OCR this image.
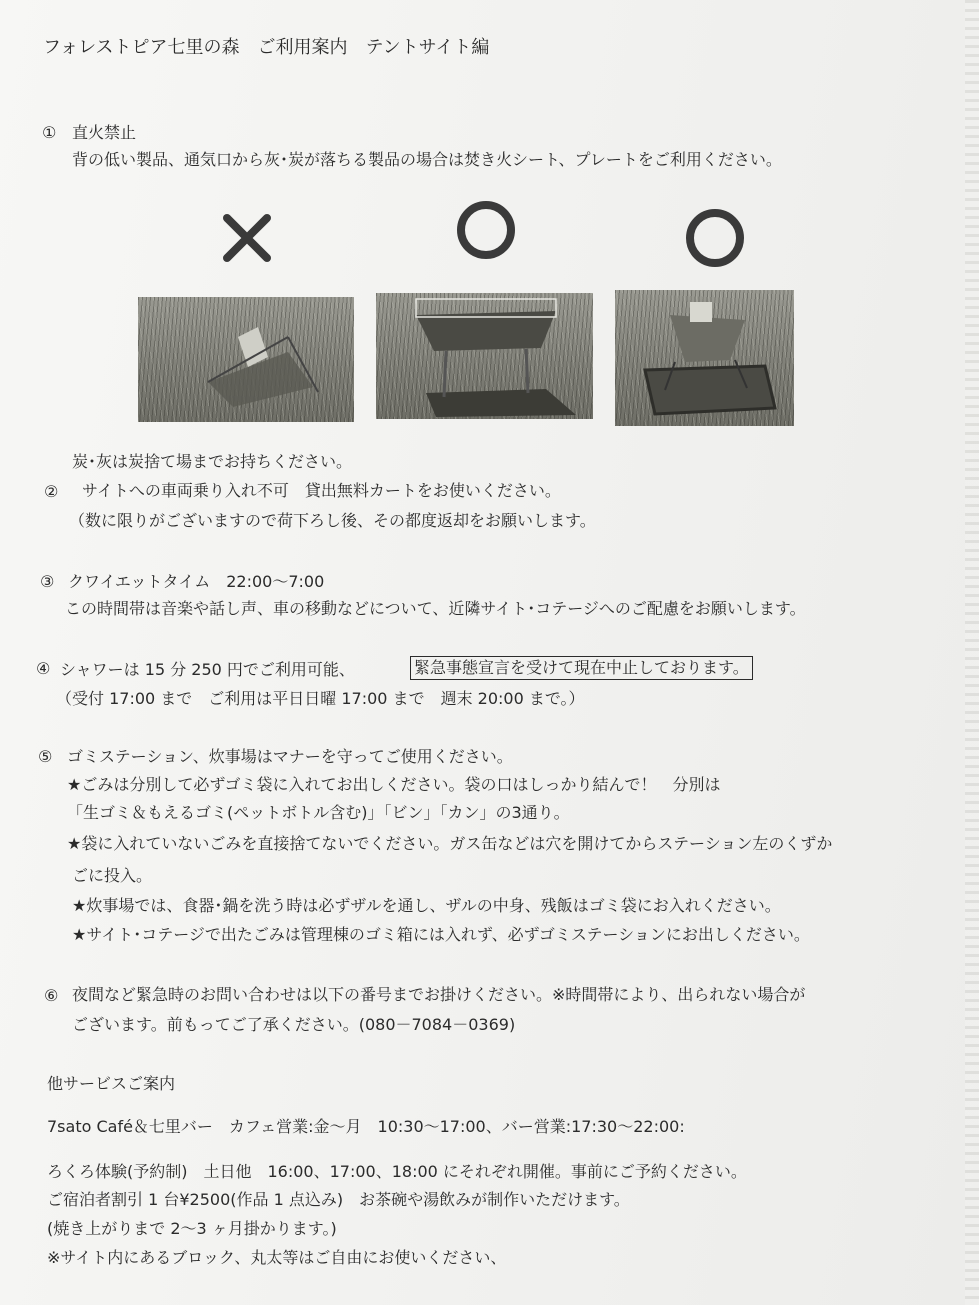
フォレストピア七里の森　ご利用案内　テントサイト編
① 直火禁止
背の低い製品、通気口から灰･炭が落ちる製品の場合は焚き火シート、プレートをご利用ください。
炭･灰は炭捨て場までお持ちください。
② サイトへの車両乗り入れ不可　貸出無料カートをお使いください。
（数に限りがございますので荷下ろし後、その都度返却をお願いします。
③ クワイエットタイム　22:00～7:00
この時間帯は音楽や話し声、車の移動などについて、近隣サイト･コテージへのご配慮をお願いします。
④ シャワーは 15 分 250 円でご利用可能、	緊急事態宣言を受けて現在中止しております。
（受付 17:00 まで　ご利用は平日日曜 17:00 まで　週末 20:00 まで。）
⑤ ゴミステーション、炊事場はマナーを守ってご使用ください。
★ごみは分別して必ずゴミ袋に入れてお出しください。袋の口はしっかり結んで！　分別は
「生ゴミ＆もえるゴミ(ペットボトル含む)」「ビン」「カン」の3通り。
★袋に入れていないごみを直接捨てないでください。ガス缶などは穴を開けてからステーション左のくずか
ごに投入。
★炊事場では、食器･鍋を洗う時は必ずザルを通し、ザルの中身、残飯はゴミ袋にお入れください。
★サイト･コテージで出たごみは管理棟のゴミ箱には入れず、必ずゴミステーションにお出しください。
⑥ 夜間など緊急時のお問い合わせは以下の番号までお掛けください。※時間帯により、出られない場合が
ございます。前もってご了承ください。(080－7084－0369)
他サービスご案内
7sato Café＆七里バー　カフェ営業:金～月　10:30～17:00、バー営業:17:30～22:00:
ろくろ体験(予約制)　土日他　16:00、17:00、18:00 にそれぞれ開催。事前にご予約ください。
ご宿泊者割引 1 台¥2500(作品 1 点込み)　お茶碗や湯飲みが制作いただけます。
(焼き上がりまで 2～3 ヶ月掛かります。)
※サイト内にあるブロック、丸太等はご自由にお使いください、
